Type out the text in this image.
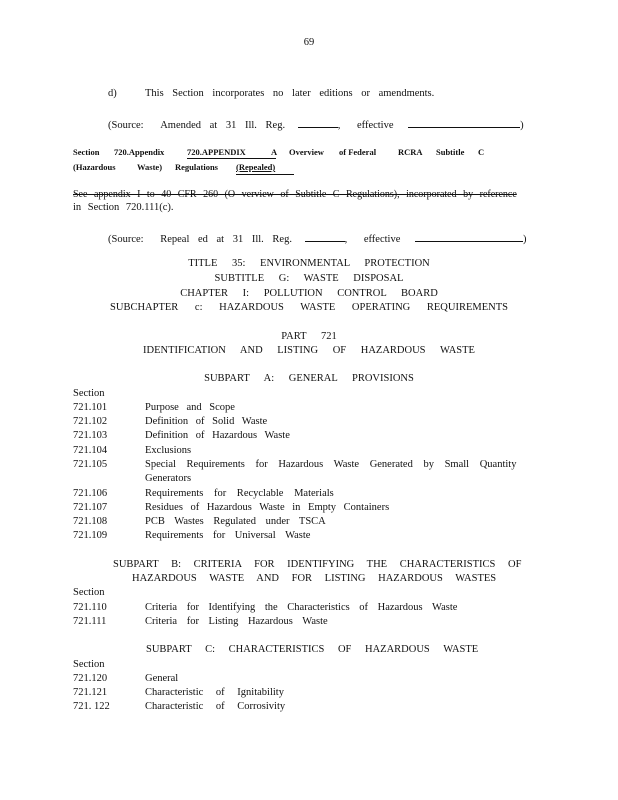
69
d)	This Section incorporates no later editions or amendments.
(Source: Amended at 31 Ill. Reg.	, effective	)
Section 720.Appendix	720.APPENDIX	A Overview of Federal	RCRA Subtitle C
(Hazardous	Waste) Regulations (Repealed)
See appendix I to 40 CFR 260 (O verview of Subtitle C Regulations), incorporated by reference
in Section 720.111(c).
(Source: Repeal ed at 31 Ill. Reg.	, effective	)
TITLE 35: ENVIRONMENTAL PROTECTION
SUBTITLE G: WASTE DISPOSAL
CHAPTER I: POLLUTION CONTROL BOARD
SUBCHAPTER c: HAZARDOUS WASTE OPERATING REQUIREMENTS
PART 721
IDENTIFICATION AND LISTING OF HAZARDOUS WASTE
SUBPART A: GENERAL PROVISIONS
Section
721.101	Purpose and Scope
721.102	Definition of Solid Waste
721.103	Definition of Hazardous Waste
721.104	Exclusions
721.105	Special Requirements for Hazardous Waste Generated by Small Quantity
Generators
721.106	Requirements for Recyclable Materials
721.107	Residues of Hazardous Waste in Empty Containers
721.108	PCB Wastes Regulated under TSCA
721.109	Requirements for Universal Waste
SUBPART B: CRITERIA FOR IDENTIFYING THE CHARACTERISTICS OF
HAZARDOUS WASTE AND FOR LISTING HAZARDOUS WASTES
Section
721.110	Criteria for Identifying the Characteristics of Hazardous Waste
721.111	Criteria for Listing Hazardous Waste
SUBPART C: CHARACTERISTICS OF HAZARDOUS WASTE
Section
721.120	General
721.121	Characteristic of Ignitability
721. 122	Characteristic of Corrosivity
